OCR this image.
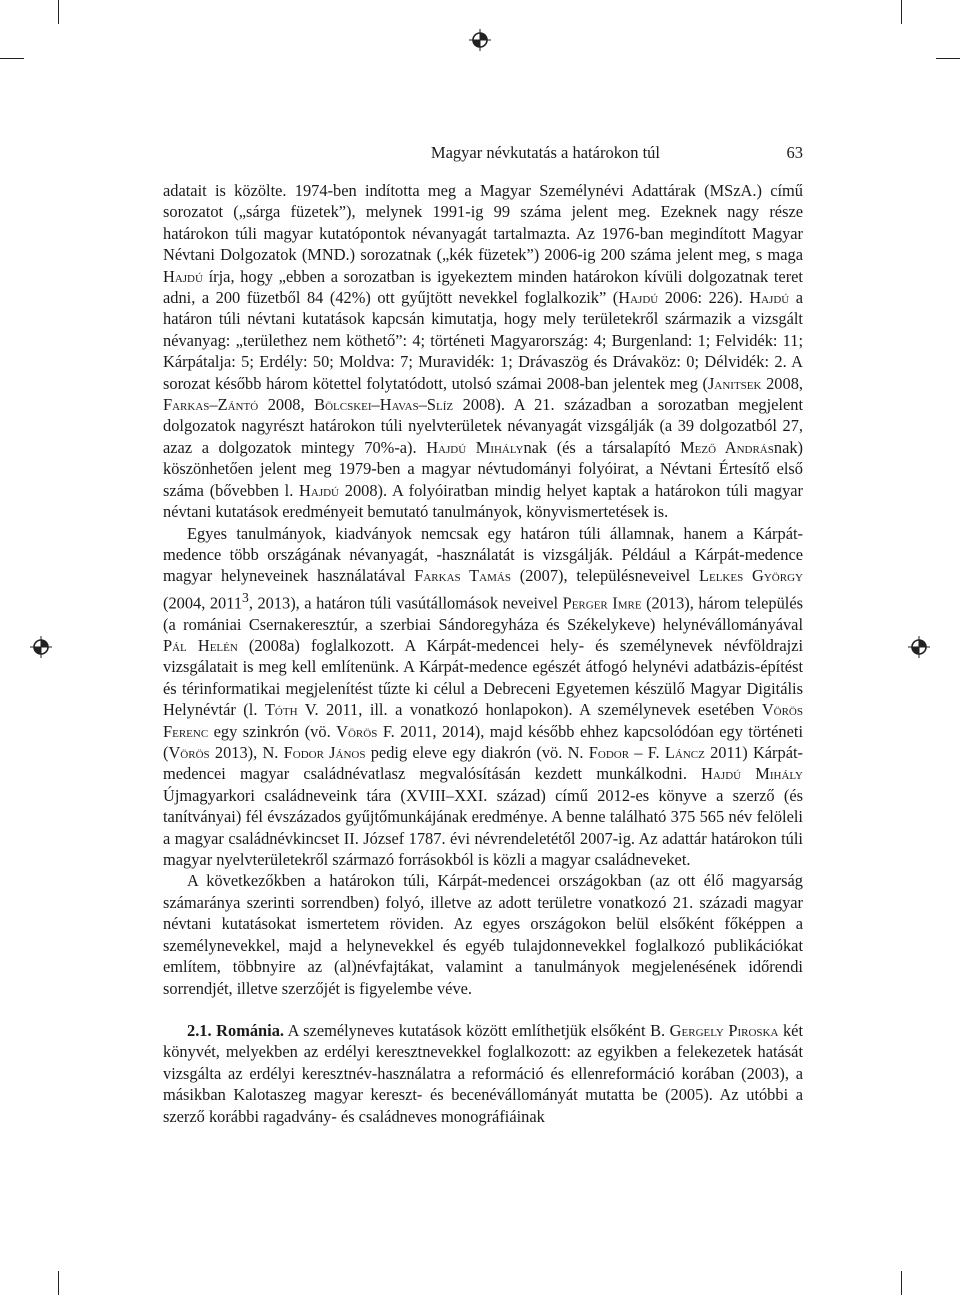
Magyar névkutatás a határokon túl	63

adatait is közölte. 1974-ben indította meg a Magyar Személynévi Adattárak (MSzA.) című sorozatot („sárga füzetek”), melynek 1991-ig 99 száma jelent meg. Ezeknek nagy része határokon túli magyar kutatópontok névanyagát tartalmazta. Az 1976-ban megindított Magyar Névtani Dolgozatok (MND.) sorozatnak („kék füzetek”) 2006-ig 200 száma jelent meg, s maga Hajdú írja, hogy „ebben a sorozatban is igyekeztem minden határokon kívüli dolgozatnak teret adni, a 200 füzetből 84 (42%) ott gyűjtött nevekkel foglalkozik” (Hajdú 2006: 226). Hajdú a határon túli névtani kutatások kapcsán kimutatja, hogy mely területekről származik a vizsgált névanyag: „területhez nem köthető”: 4; történeti Magyarország: 4; Burgenland: 1; Felvidék: 11; Kárpátalja: 5; Erdély: 50; Moldva: 7; Muravidék: 1; Drávaszög és Drávaköz: 0; Délvidék: 2. A sorozat később három kötettel folytatódott, utolsó számai 2008-ban jelentek meg (Janitsek 2008, Farkas–Zántó 2008, Bölcskei–Havas–Slíz 2008). A 21. században a sorozatban megjelent dolgozatok nagyrészt határokon túli nyelvterületek névanyagát vizsgálják (a 39 dolgozatból 27, azaz a dolgozatok mintegy 70%-a). Hajdú Mihálynak (és a társalapító Mező Andrásnak) köszönhetően jelent meg 1979-ben a magyar névtudományi folyóirat, a Névtani Értesítő első száma (bővebben l. Hajdú 2008). A folyóiratban mindig helyet kaptak a határokon túli magyar névtani kutatások eredményeit bemutató tanulmányok, könyvismertetések is.

Egyes tanulmányok, kiadványok nemcsak egy határon túli államnak, hanem a Kárpát-medence több országának névanyagát, -használatát is vizsgálják. Például a Kárpát-medence magyar helyneveinek használatával Farkas Tamás (2007), településneveivel Lelkes György (2004, 2011$^3$, 2013), a határon túli vasútállomások neveivel Perger Imre (2013), három település (a romániai Csernakeresztúr, a szerbiai Sándoregyháza és Székelykeve) helynévállományával Pál Helén (2008a) foglalkozott. A Kárpát-medencei hely- és személynevek névföldrajzi vizsgálatait is meg kell említenünk. A Kárpát-medence egészét átfogó helynévi adatbázis-építést és térinformatikai megjelenítést tűzte ki célul a Debreceni Egyetemen készülő Magyar Digitális Helynévtár (l. Tóth V. 2011, ill. a vonatkozó honlapokon). A személynevek esetében Vörös Ferenc egy szinkrón (vö. Vörös F. 2011, 2014), majd később ehhez kapcsolódóan egy történeti (Vörös 2013), N. Fodor János pedig eleve egy diakrón (vö. N. Fodor – F. Láncz 2011) Kárpát-medencei magyar családnévatlasz megvalósításán kezdett munkálkodni. Hajdú Mihály Újmagyarkori családneveink tára (XVIII–XXI. század) című 2012-es könyve a szerző (és tanítványai) fél évszázados gyűjtőmunkájának eredménye. A benne található 375 565 név felöleli a magyar családnévkincset II. József 1787. évi névrendeletétől 2007-ig. Az adattár határokon túli magyar nyelvterületekről származó forrásokból is közli a magyar családneveket.

A következőkben a határokon túli, Kárpát-medencei országokban (az ott élő magyarság számaránya szerinti sorrendben) folyó, illetve az adott területre vonatkozó 21. századi magyar névtani kutatásokat ismertetem röviden. Az egyes országokon belül elsőként főképpen a személynevekkel, majd a helynevekkel és egyéb tulajdonnevekkel foglalkozó publikációkat említem, többnyire az (al)névfajtákat, valamint a tanulmányok megjelenésének időrendi sorrendjét, illetve szerzőjét is figyelembe véve.

2.1. Románia. A személyneves kutatások között említhetjük elsőként B. Gergely Piroska két könyvét, melyekben az erdélyi keresztnevekkel foglalkozott: az egyikben a felekezetek hatását vizsgálta az erdélyi keresztnév-használatra a reformáció és ellenreformáció korában (2003), a másikban Kalotaszeg magyar kereszt- és becenévállományát mutatta be (2005). Az utóbbi a szerző korábbi ragadvány- és családneves monográfiáinak
